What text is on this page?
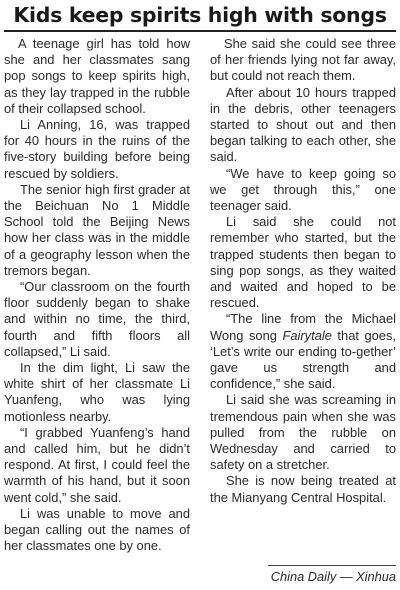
Kids keep spirits high with songs

A teenage girl has told how she and her classmates sang pop songs to keep spirits high, as they lay trapped in the rubble of their collapsed school.

Li Anning, 16, was trapped for 40 hours in the ruins of the five-story building before being rescued by soldiers.

The senior high first grader at the Beichuan No 1 Middle School told the Beijing News how her class was in the middle of a geography lesson when the tremors began.

“Our classroom on the fourth floor suddenly began to shake and within no time, the third, fourth and fifth floors all collapsed,” Li said.

In the dim light, Li saw the white shirt of her classmate Li Yuanfeng, who was lying motionless nearby.

“I grabbed Yuanfeng’s hand and called him, but he didn’t respond. At first, I could feel the warmth of his hand, but it soon went cold,” she said.

Li was unable to move and began calling out the names of her classmates one by one.

She said she could see three of her friends lying not far away, but could not reach them.

After about 10 hours trapped in the debris, other teenagers started to shout out and then began talking to each other, she said.

“We have to keep going so we get through this,” one teenager said.

Li said she could not remember who started, but the trapped students then began to sing pop songs, as they waited and waited and hoped to be rescued.

“The line from the Michael Wong song Fairytale that goes, ‘Let’s write our ending to-gether’ gave us strength and confidence,” she said.

Li said she was screaming in tremendous pain when she was pulled from the rubble on Wednesday and carried to safety on a stretcher.

She is now being treated at the Mianyang Central Hospital.

China Daily — Xinhua
